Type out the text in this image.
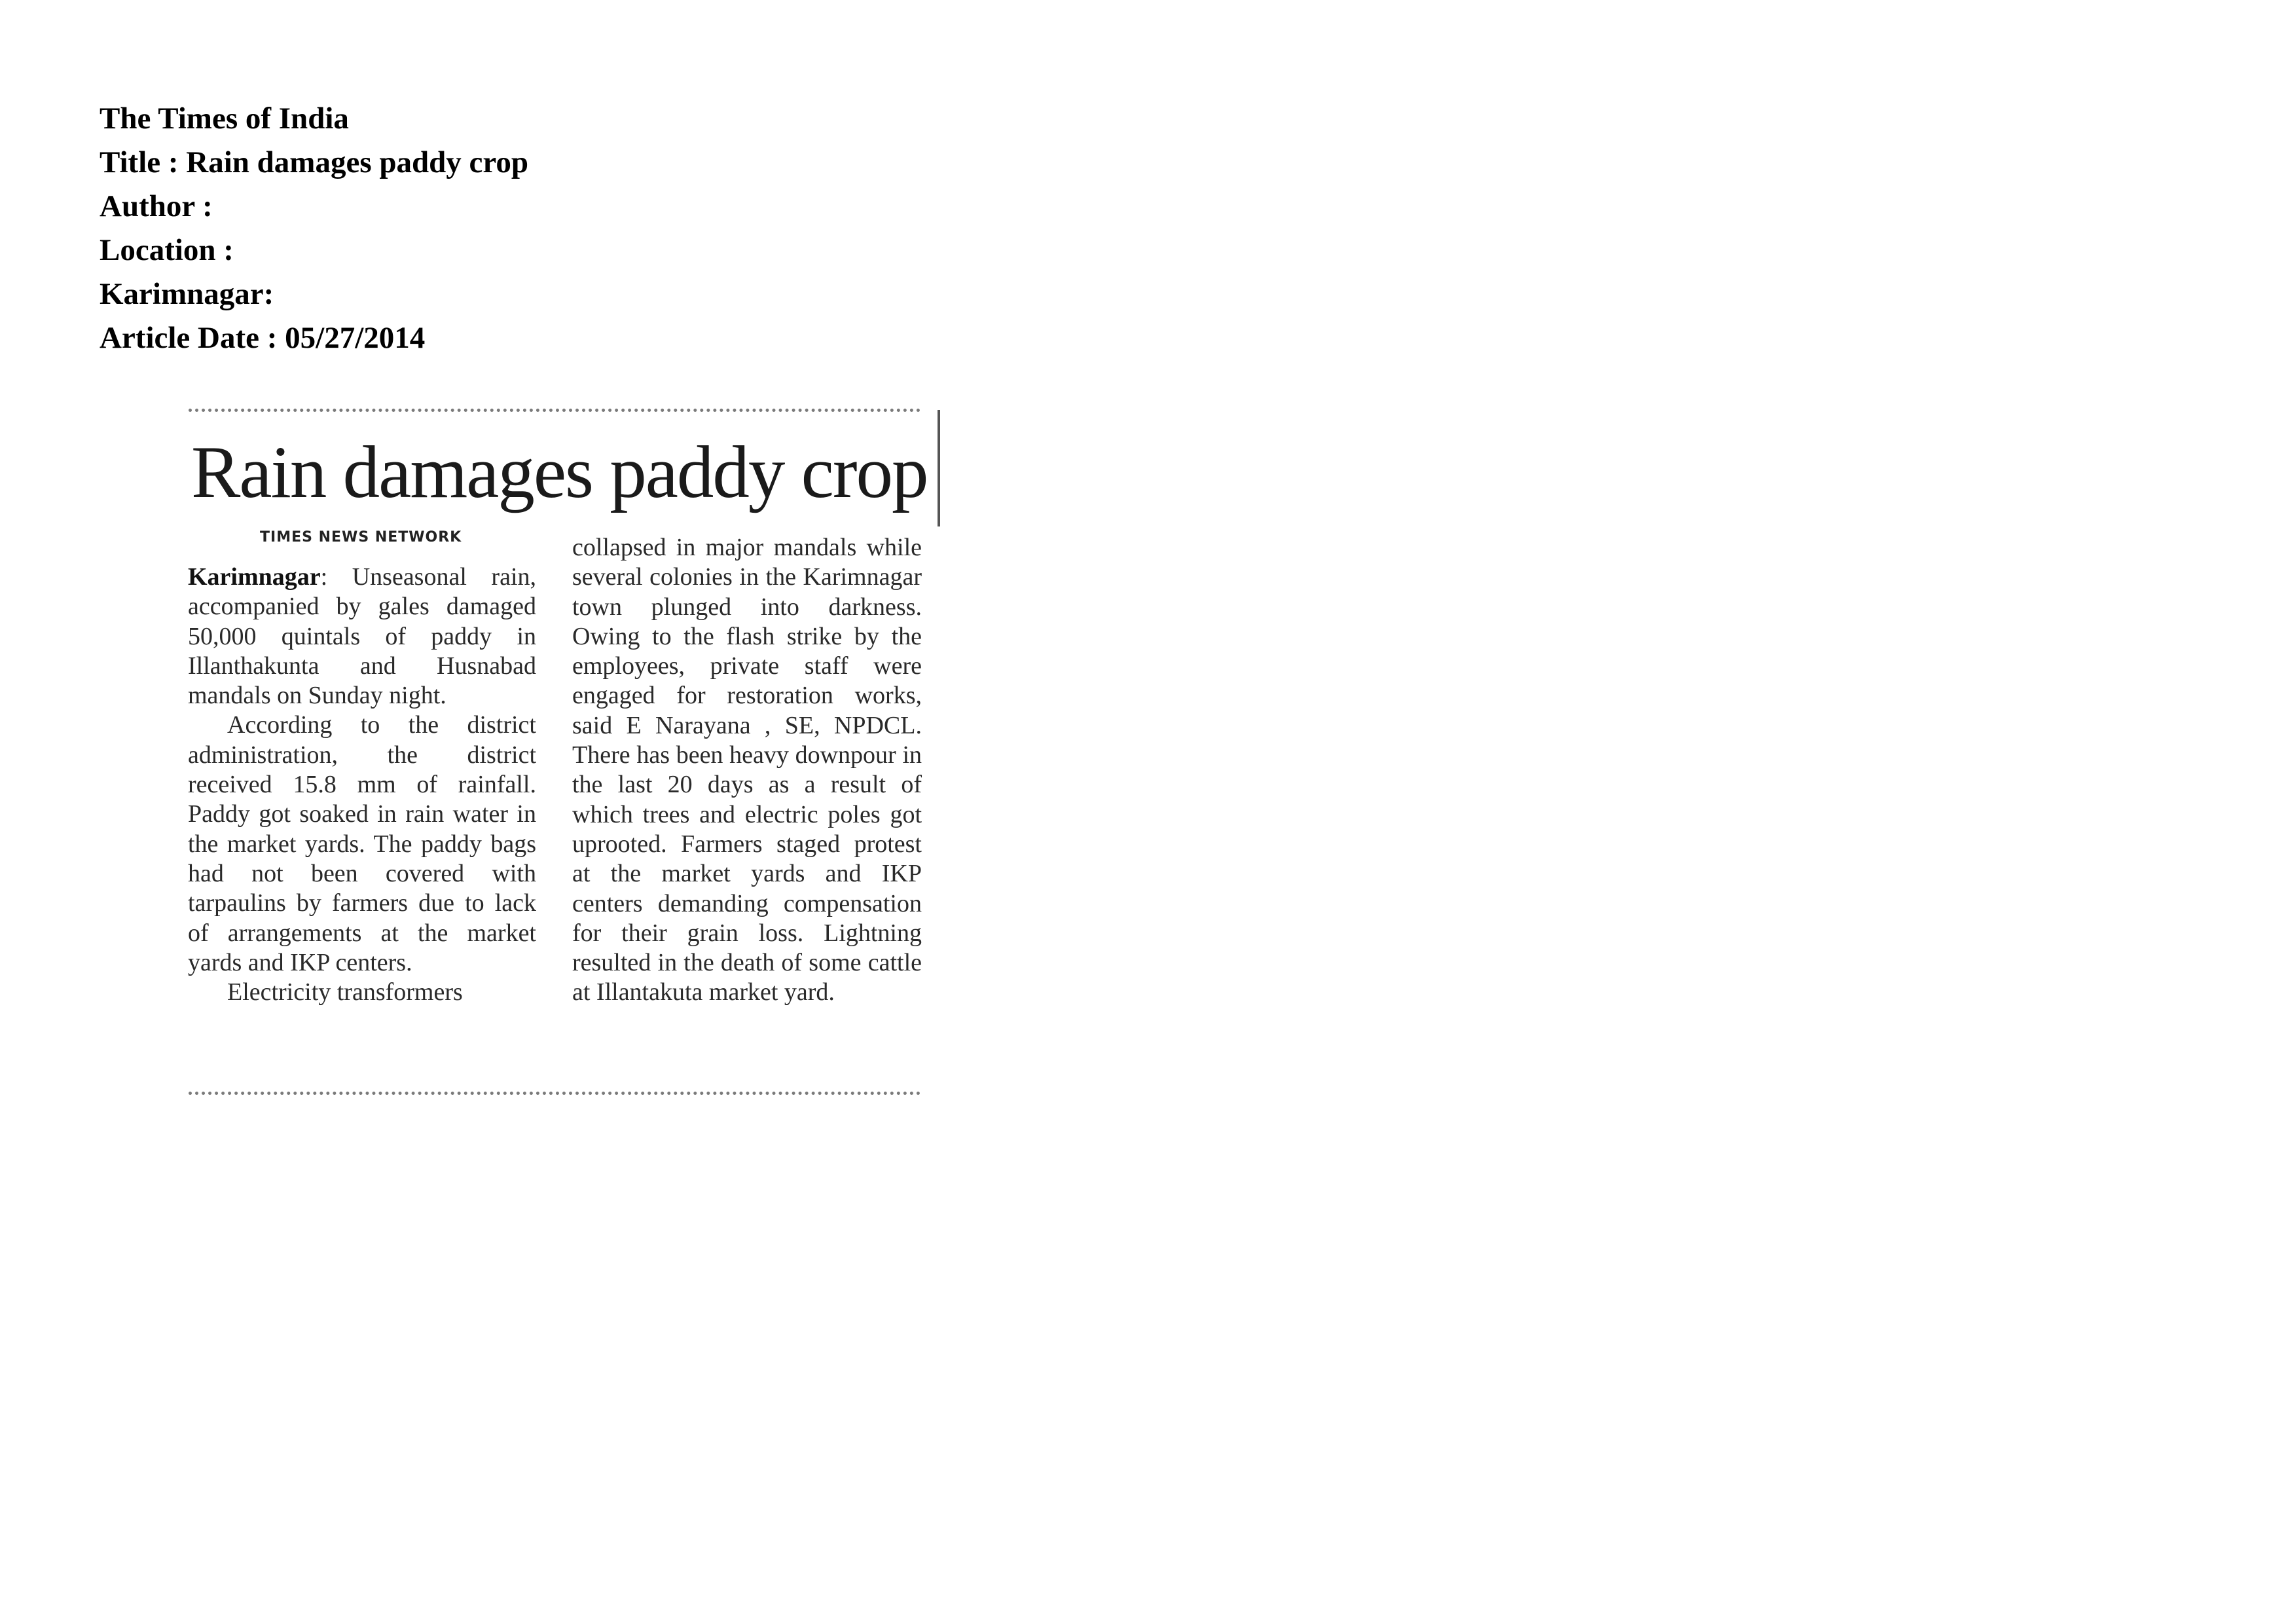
The Times of India
Title : Rain damages paddy crop
Author :
Location :
Karimnagar:
Article Date : 05/27/2014
Rain damages paddy crop
TIMES NEWS NETWORK

Karimnagar: Unseasonal rain, accompanied by gales damaged 50,000 quintals of paddy in Illanthakunta and Husnabad mandals on Sunday night.

According to the district administration, the district received 15.8 mm of rainfall. Paddy got soaked in rain water in the market yards. The paddy bags had not been covered with tarpaulins by farmers due to lack of arrangements at the market yards and IKP centers.

Electricity transformers

collapsed in major mandals while several colonies in the Karimnagar town plunged into darkness. Owing to the flash strike by the employees, private staff were engaged for restoration works, said E Narayana , SE, NPDCL. There has been heavy downpour in the last 20 days as a result of which trees and electric poles got uprooted. Farmers staged protest at the market yards and IKP centers demanding compensation for their grain loss. Lightning resulted in the death of some cattle at Illantakuta market yard.
